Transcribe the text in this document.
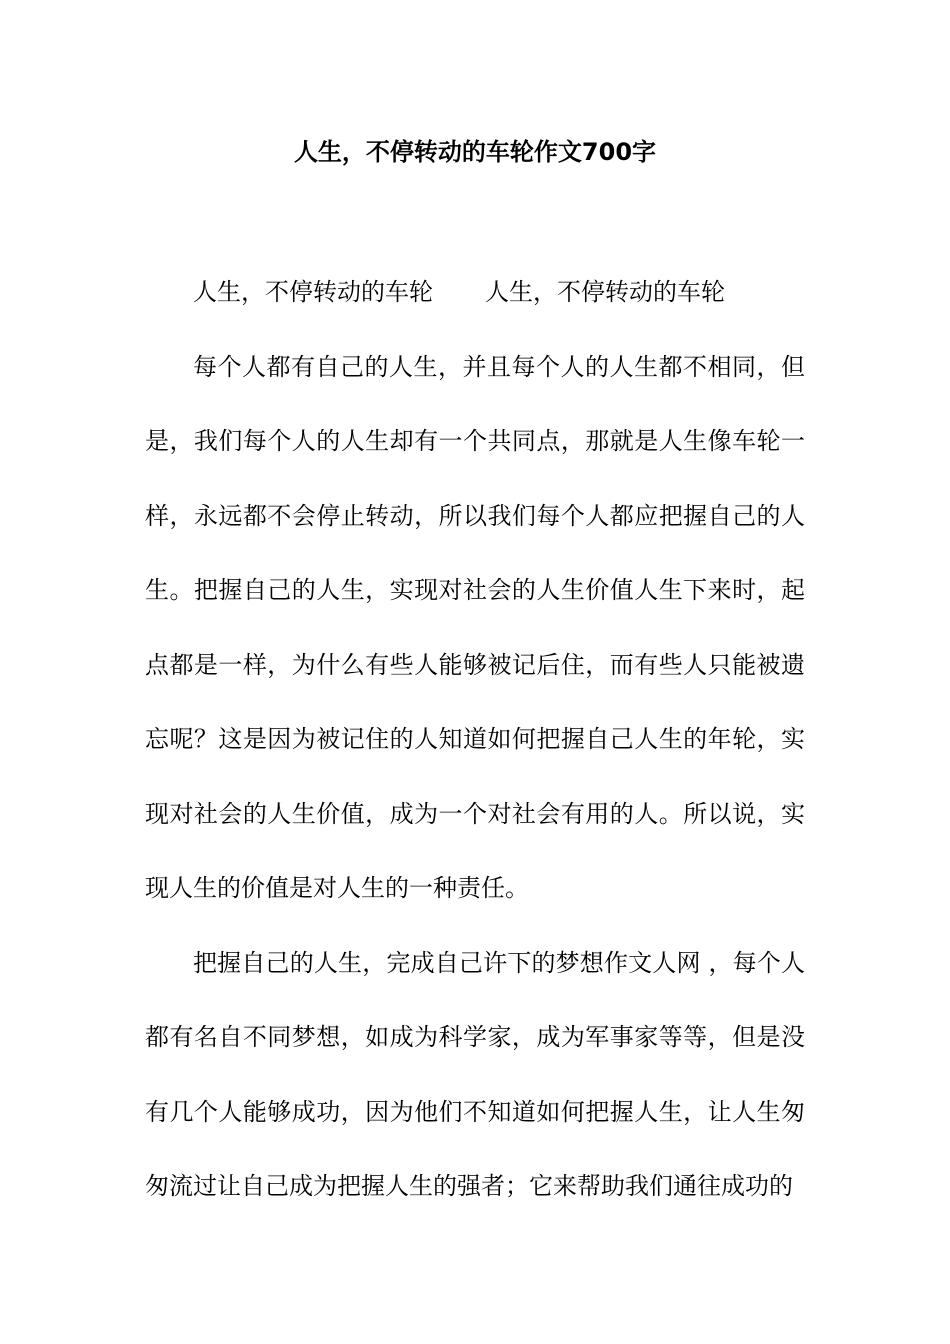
人生，不停转动的车轮作文700字

人生，不停转动的车轮 人生，不停转动的车轮

每个人都有自己的人生，并且每个人的人生都不相同，但是，我们每个人的人生却有一个共同点，那就是人生像车轮一样，永远都不会停止转动，所以我们每个人都应把握自己的人生。把握自己的人生，实现对社会的人生价值人生下来时，起点都是一样，为什么有些人能够被记后住，而有些人只能被遗忘呢？这是因为被记住的人知道如何把握自己人生的年轮，实现对社会的人生价值，成为一个对社会有用的人。所以说，实现人生的价值是对人生的一种责任。

把握自己的人生，完成自己许下的梦想作文人网 ，每个人都有名自不同梦想，如成为科学家，成为军事家等等，但是没有几个人能够成功，因为他们不知道如何把握人生，让人生匆匆流过让自己成为把握人生的强者；它来帮助我们通往成功的
